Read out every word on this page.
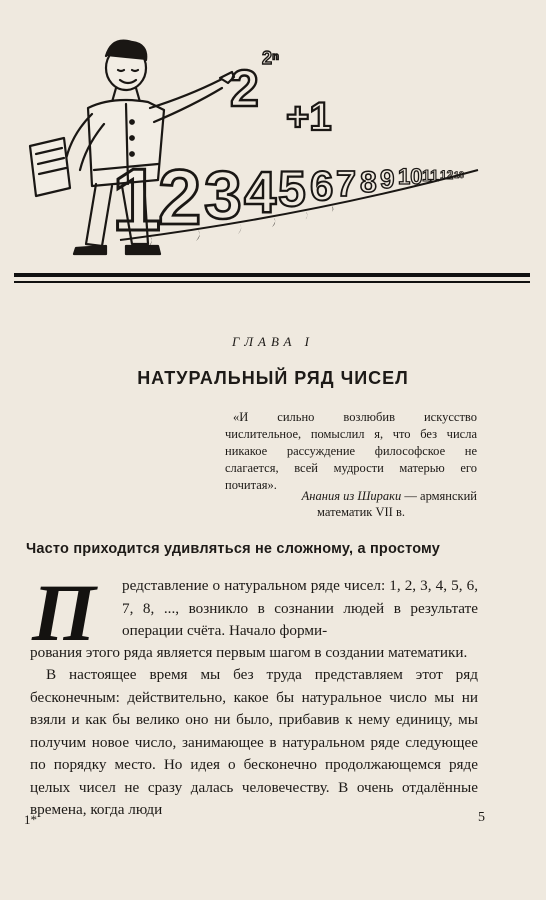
2
2ⁿ
+1
1
2 3 4 5 6 7 8 9 10 11 12 13
ГЛАВА I
НАТУРАЛЬНЫЙ РЯД ЧИСЕЛ
«И сильно возлюбив искусство числительное, помыслил я, что без числа никакое рассуждение философское не слагается, всей мудрости матерью его почитая».
Анания из Шираки — армянский
математик VII в.
Часто приходится удивляться не сложному, а простому
П редставление о натуральном ряде чисел: 1, 2, 3, 4, 5, 6, 7, 8, ..., возникло в сознании людей в результате операции счёта. Начало форми-
рования этого ряда является первым шагом в создании математики.
В настоящее время мы без труда представляем этот ряд бесконечным: действительно, какое бы натуральное число мы ни взяли и как бы велико оно ни было, прибавив к нему единицу, мы получим новое число, занимающее в натуральном ряде следующее по порядку место. Но идея о бесконечно продолжающемся ряде целых чисел не сразу далась человечеству. В очень отдалённые времена, когда люди
1*	5
